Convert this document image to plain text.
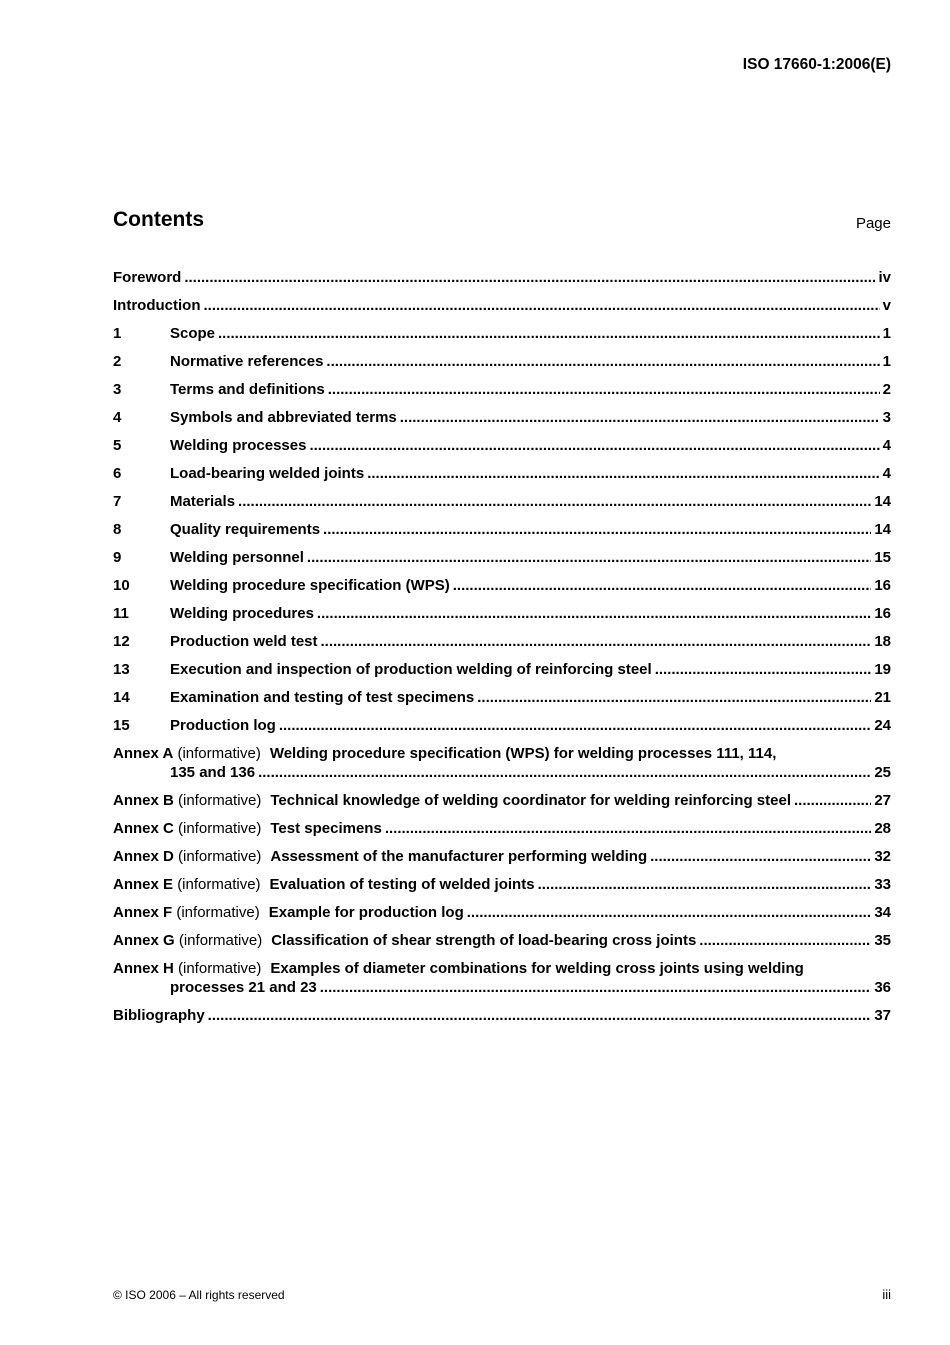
ISO 17660-1:2006(E)
Contents	Page
Foreword .....	iv
Introduction .....	v
1	Scope .....	1
2	Normative references .....	1
3	Terms and definitions .....	2
4	Symbols and abbreviated terms .....	3
5	Welding processes .....	4
6	Load-bearing welded joints .....	4
7	Materials .....	14
8	Quality requirements .....	14
9	Welding personnel .....	15
10	Welding procedure specification (WPS) .....	16
11	Welding procedures .....	16
12	Production weld test .....	18
13	Execution and inspection of production welding of reinforcing steel .....	19
14	Examination and testing of test specimens .....	21
15	Production log .....	24
Annex A
(informative) Welding procedure specification (WPS) for welding processes 111, 114,
135 and 136 .....	25
Annex B
(informative) Technical knowledge of welding coordinator for welding reinforcing steel .....	27
Annex C
(informative) Test specimens .....	28
Annex D
(informative) Assessment of the manufacturer performing welding .....	32
Annex E
(informative) Evaluation of testing of welded joints .....	33
Annex F
(informative) Example for production log .....	34
Annex G
(informative) Classification of shear strength of load-bearing cross joints .....	35
Annex H
(informative) Examples of diameter combinations for welding cross joints using welding
processes 21 and 23 .....	36
Bibliography .....	37
© ISO 2006 – All rights reserved	iii
